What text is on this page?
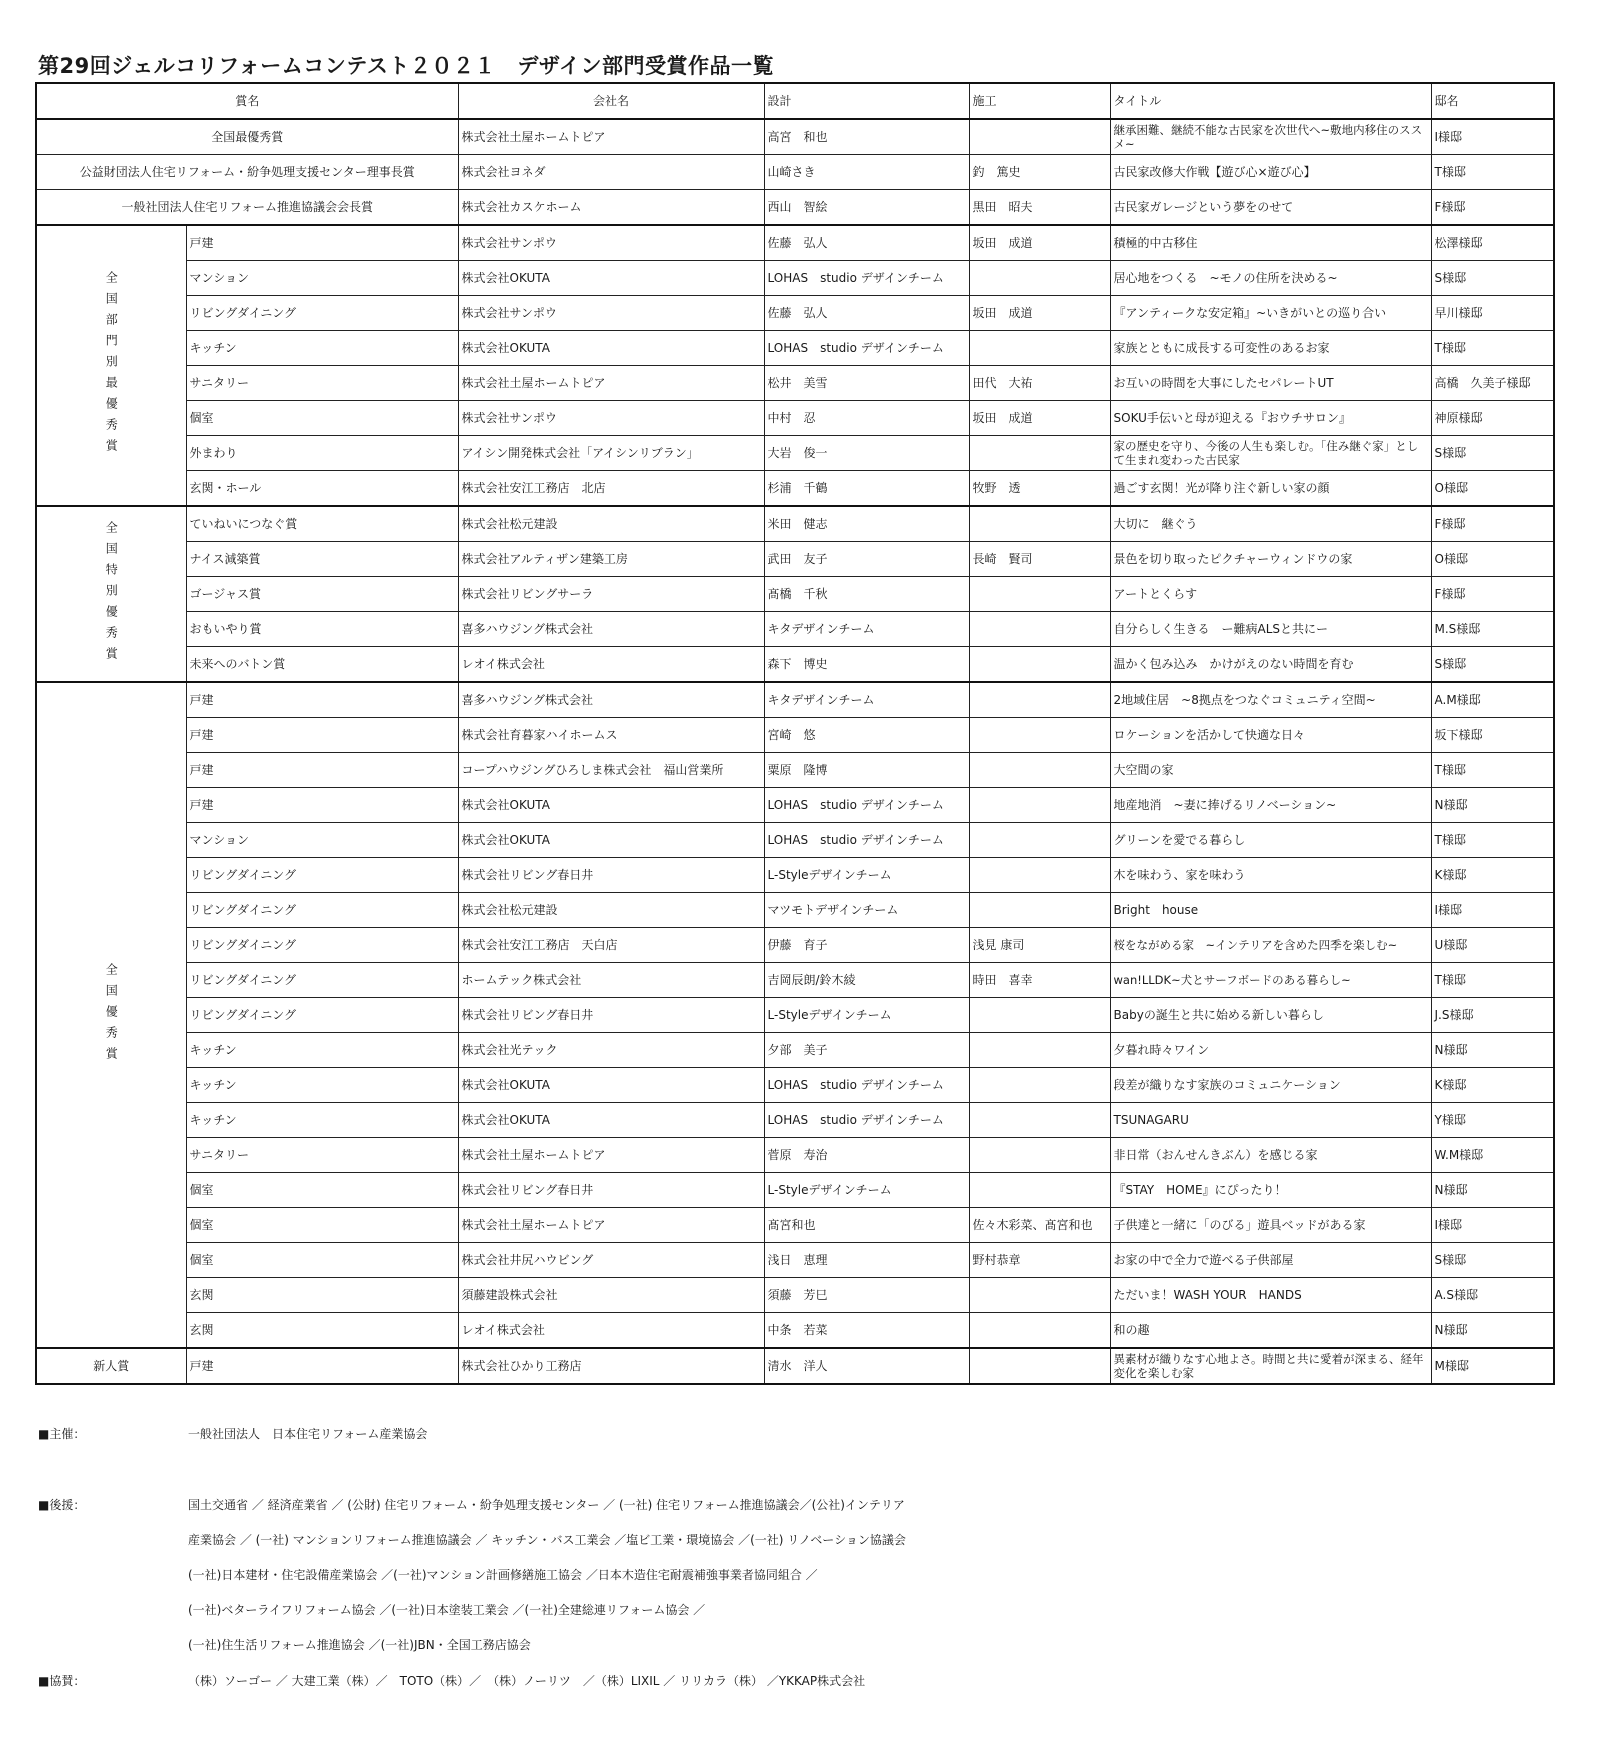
第29回ジェルコリフォームコンテスト２０２１　デザイン部門受賞作品一覧
賞名		会社名	設計	施工	タイトル	邸名
全国最優秀賞		株式会社土屋ホームトピア	高宮　和也		継承困難、継続不能な古民家を次世代へ~敷地内移住のススメ~	I様邸
公益財団法人住宅リフォーム・紛争処理支援センター理事長賞		株式会社ヨネダ	山崎さき	釣　篤史	古民家改修大作戦【遊び心×遊び心】	T様邸
一般社団法人住宅リフォーム推進協議会会長賞		株式会社カスケホーム	西山　智絵	黒田　昭夫	古民家ガレージという夢をのせて	F様邸
全国部門別最優秀賞	戸建	株式会社サンポウ	佐藤　弘人	坂田　成道	積極的中古移住	松澤様邸
	マンション	株式会社OKUTA	LOHAS　studio デザインチーム		居心地をつくる　~モノの住所を決める~	S様邸
	リビングダイニング	株式会社サンポウ	佐藤　弘人	坂田　成道	『アンティークな安定箱』~いきがいとの巡り合い	早川様邸
	キッチン	株式会社OKUTA	LOHAS　studio デザインチーム		家族とともに成長する可変性のあるお家	T様邸
	サニタリー	株式会社土屋ホームトピア	松井　美雪	田代　大祐	お互いの時間を大事にしたセパレートUT	高橋　久美子様邸
	個室	株式会社サンポウ	中村　忍	坂田　成道	SOKU手伝いと母が迎える『おウチサロン』	神原様邸
	外まわり	アイシン開発株式会社「アイシンリブラン」	大岩　俊一		家の歴史を守り、今後の人生も楽しむ。「住み継ぐ家」として生まれ変わった古民家	S様邸
	玄関・ホール	株式会社安江工務店　北店	杉浦　千鶴	牧野　透	過ごす玄関！光が降り注ぐ新しい家の顔	O様邸
全国特別優秀賞	ていねいにつなぐ賞	株式会社松元建設	米田　健志		大切に　継ぐう	F様邸
	ナイス減築賞	株式会社アルティザン建築工房	武田　友子	長崎　賢司	景色を切り取ったピクチャーウィンドウの家	O様邸
	ゴージャス賞	株式会社リビングサーラ	髙橋　千秋		アートとくらす	F様邸
	おもいやり賞	喜多ハウジング株式会社	キタデザインチーム		自分らしく生きる　ー難病ALSと共にー	M.S様邸
	未来へのバトン賞	レオイ株式会社	森下　博史		温かく包み込み　かけがえのない時間を育む	S様邸
全国優秀賞	戸建	喜多ハウジング株式会社	キタデザインチーム		2地域住居　~8拠点をつなぐコミュニティ空間~	A.M様邸
	戸建	株式会社育暮家ハイホームス	宮崎　悠		ロケーションを活かして快適な日々	坂下様邸
	戸建	コープハウジングひろしま株式会社　福山営業所	粟原　隆博		大空間の家	T様邸
	戸建	株式会社OKUTA	LOHAS　studio デザインチーム		地産地消　~妻に捧げるリノベーション~	N様邸
	マンション	株式会社OKUTA	LOHAS　studio デザインチーム		グリーンを愛でる暮らし	T様邸
	リビングダイニング	株式会社リビング春日井	L-Styleデザインチーム		木を味わう、家を味わう	K様邸
	リビングダイニング	株式会社松元建設	マツモトデザインチーム		Bright　house	I様邸
	リビングダイニング	株式会社安江工務店　天白店	伊藤　育子	浅見 康司	桜をながめる家　~インテリアを含めた四季を楽しむ~	U様邸
	リビングダイニング	ホームテック株式会社	吉岡辰朗/鈴木綾	時田　喜幸	wan!LLDK~犬とサーフボードのある暮らし~	T様邸
	リビングダイニング	株式会社リビング春日井	L-Styleデザインチーム		Babyの誕生と共に始める新しい暮らし	J.S様邸
	キッチン	株式会社光テック	夕部　美子		夕暮れ時々ワイン	N様邸
	キッチン	株式会社OKUTA	LOHAS　studio デザインチーム		段差が織りなす家族のコミュニケーション	K様邸
	キッチン	株式会社OKUTA	LOHAS　studio デザインチーム		TSUNAGARU	Y様邸
	サニタリー	株式会社土屋ホームトピア	菅原　寿治		非日常（おんせんきぶん）を感じる家	W.M様邸
	個室	株式会社リビング春日井	L-Styleデザインチーム		『STAY　HOME』にぴったり！	N様邸
	個室	株式会社土屋ホームトピア	髙宮和也	佐々木彩菜、髙宮和也	子供達と一緒に「のびる」遊具ベッドがある家	I様邸
	個室	株式会社井尻ハウビング	浅日　恵理	野村恭章	お家の中で全力で遊べる子供部屋	S様邸
	玄関	須藤建設株式会社	須藤　芳巳		ただいま！WASH YOUR　HANDS	A.S様邸
	玄関	レオイ株式会社	中条　若菜		和の趣	N様邸
新人賞	戸建	株式会社ひかり工務店	清水　洋人		異素材が織りなす心地よさ。時間と共に愛着が深まる、経年変化を楽しむ家	M様邸
■主催：	一般社団法人　日本住宅リフォーム産業協会
■後援：	国土交通省 ／ 経済産業省 ／ (公財) 住宅リフォーム・紛争処理支援センター ／ (一社) 住宅リフォーム推進協議会／(公社)インテリア
産業協会 ／ (一社) マンションリフォーム推進協議会 ／ キッチン・バス工業会 ／塩ビ工業・環境協会 ／(一社) リノベーション協議会
(一社)日本建材・住宅設備産業協会 ／(一社)マンション計画修繕施工協会 ／日本木造住宅耐震補強事業者協同組合 ／
(一社)ベターライフリフォーム協会 ／(一社)日本塗装工業会 ／(一社)全建総連リフォーム協会 ／
(一社)住生活リフォーム推進協会 ／(一社)JBN・全国工務店協会
■協賛：	（株）ソーゴー ／ 大建工業（株）／　TOTO（株）／　（株）ノーリツ　／（株）LIXIL ／ リリカラ（株） ／YKKAP株式会社
